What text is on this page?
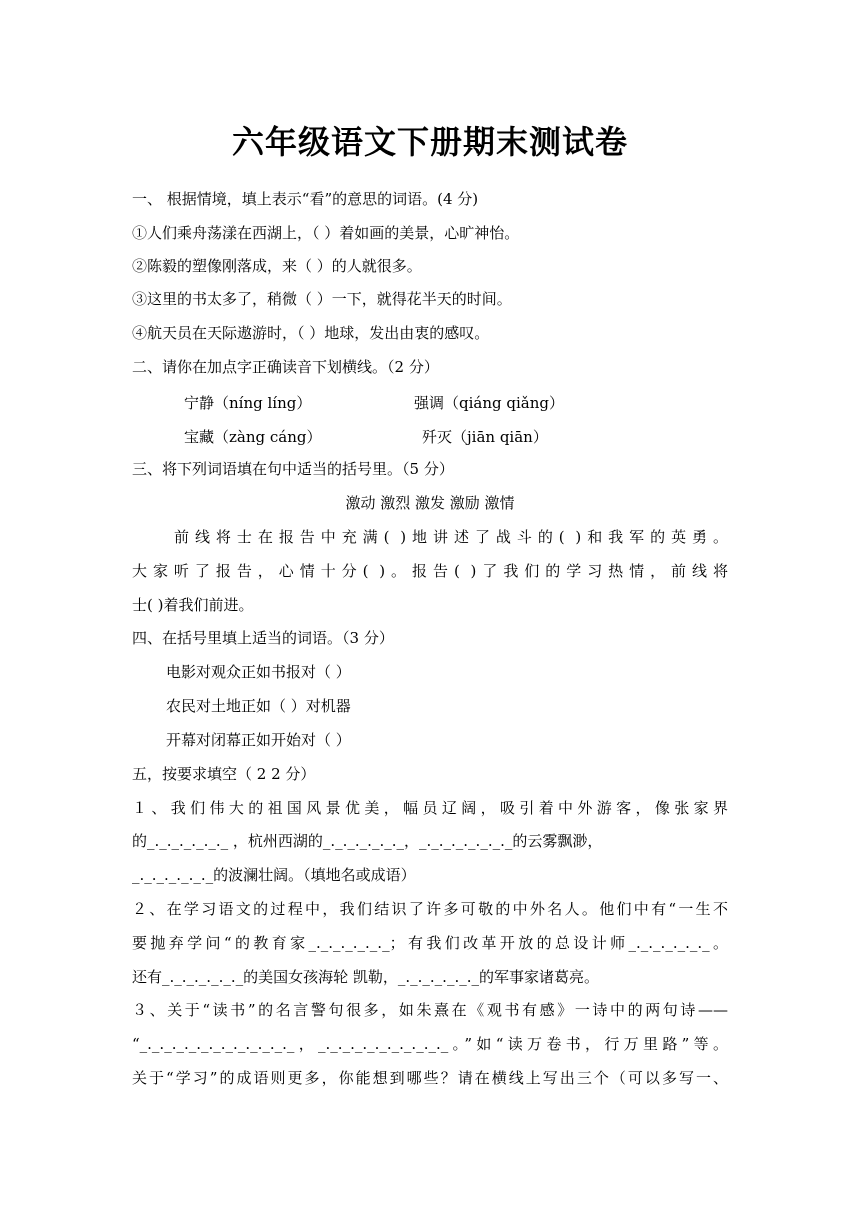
六年级语文下册期末测试卷
一、 根据情境，填上表示“看”的意思的词语。(4 分)
①人们乘舟荡漾在西湖上，（ ）着如画的美景，心旷神怡。
②陈毅的塑像刚落成，来（ ）的人就很多。
③这里的书太多了，稍微（ ）一下，就得花半天的时间。
④航天员在天际遨游时，（ ）地球，发出由衷的感叹。
二、请你在加点字正确读音下划横线。（2 分）
宁静（níng líng）	强调（qiáng qiǎng）
宝藏（zàng cáng）	歼灭（jiān qiān）
三、将下列词语填在句中适当的括号里。（5 分）
激动 激烈 激发 激励 激情
前线将士在报告中充满( )地讲述了战斗的( )和我军的英勇。
大家听了报告，心情十分( )。报告( )了我们的学习热情，前线将
士( )着我们前进。
四、在括号里填上适当的词语。（3 分）
电影对观众正如书报对（ ）
农民对土地正如（ ）对机器
开幕对闭幕正如开始对（ ）
五，按要求填空（ 2 2 分）
１、我们伟大的祖国风景优美，幅员辽阔，吸引着中外游客，像张家界
的_._._._._._._ ，杭州西湖的_._._._._._._，_._._._._._._._的云雾飘渺，
_._._._._._._的波澜壮阔。（填地名或成语）
２、在学习语文的过程中，我们结识了许多可敬的中外名人。他们中有“一生不
要抛弃学问“的教育家_._._._._._._；有我们改革开放的总设计师_._._._._._._。
还有_._._._._._._的美国女孩海轮 凯勒，_._._._._._._的军事家诸葛亮。
３、关于“读书”的名言警句很多，如朱熹在《观书有感》一诗中的两句诗——
“_._._._._._._._._._._._._，_._._._._._._._._._._。”如“读万卷书，行万里路”等。
关于“学习”的成语则更多，你能想到哪些？请在横线上写出三个（可以多写一、
